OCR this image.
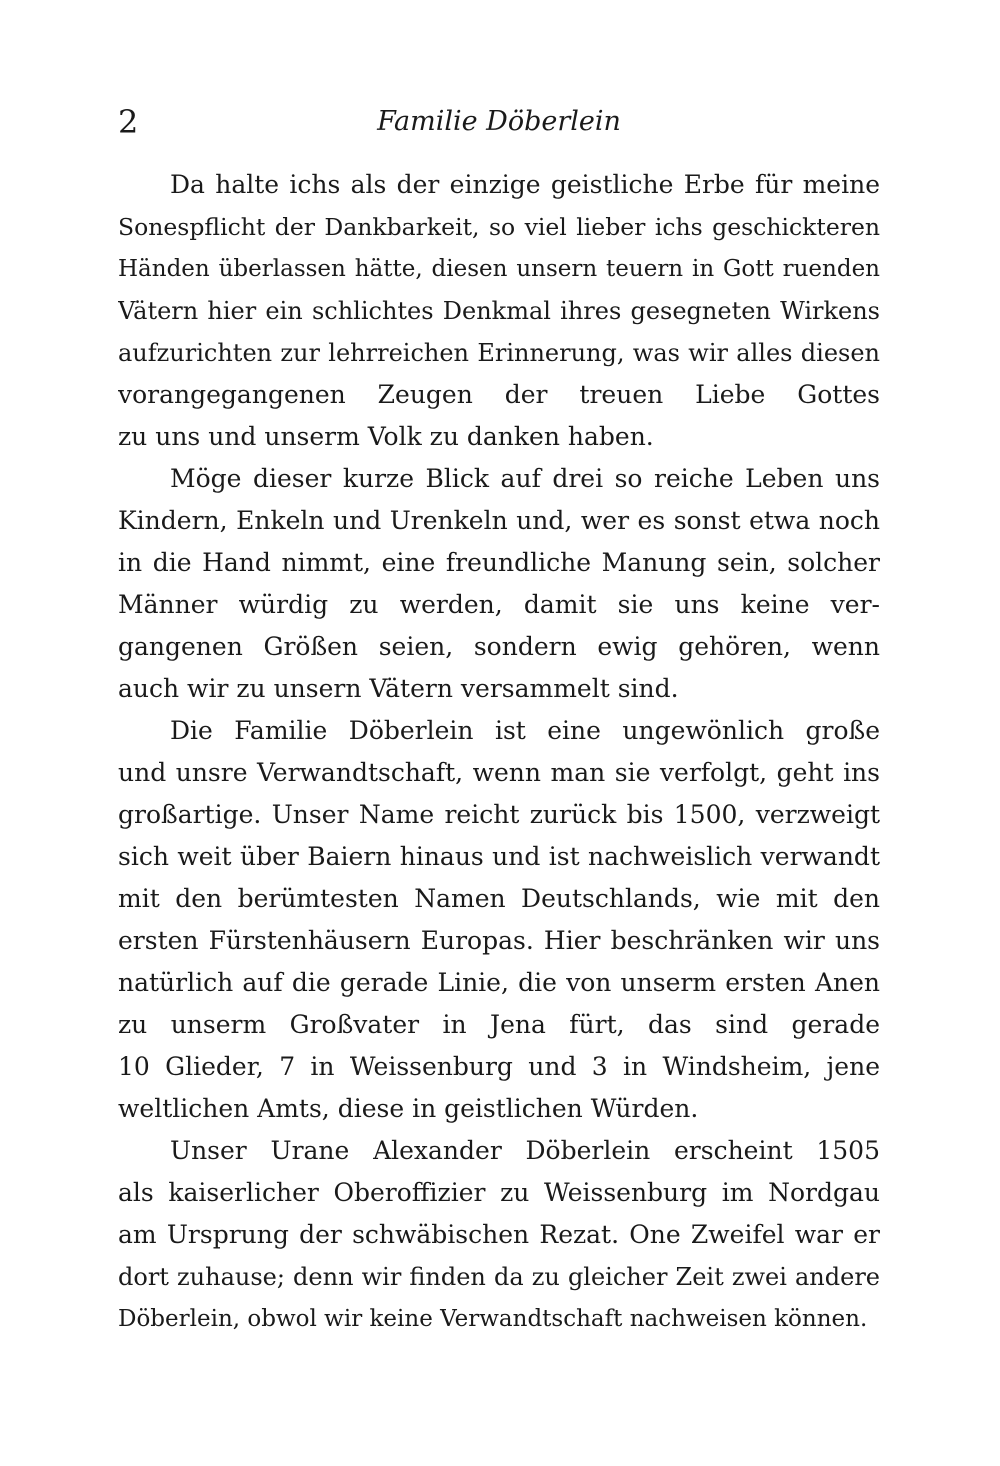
2	Familie Döberlein
Da halte ichs als der einzige geistliche Erbe für meine
Sonespflicht der Dankbarkeit, so viel lieber ichs geschickteren
Händen überlassen hätte, diesen unsern teuern in Gott ruenden
Vätern hier ein schlichtes Denkmal ihres gesegneten Wirkens
aufzurichten zur lehrreichen Erinnerung, was wir alles diesen
vorangegangenen Zeugen der treuen Liebe Gottes
zu uns und unserm Volk zu danken haben.
Möge dieser kurze Blick auf drei so reiche Leben uns
Kindern, Enkeln und Urenkeln und, wer es sonst etwa noch
in die Hand nimmt, eine freundliche Manung sein, solcher
Männer würdig zu werden, damit sie uns keine ver-
gangenen Größen seien, sondern ewig gehören, wenn
auch wir zu unsern Vätern versammelt sind.
Die Familie Döberlein ist eine ungewönlich große
und unsre Verwandtschaft, wenn man sie verfolgt, geht ins
großartige. Unser Name reicht zurück bis 1500, verzweigt
sich weit über Baiern hinaus und ist nachweislich verwandt
mit den berümtesten Namen Deutschlands, wie mit den
ersten Fürstenhäusern Europas. Hier beschränken wir uns
natürlich auf die gerade Linie, die von unserm ersten Anen
zu unserm Großvater in Jena fürt, das sind gerade
10 Glieder, 7 in Weissenburg und 3 in Windsheim, jene
weltlichen Amts, diese in geistlichen Würden.
Unser Urane Alexander Döberlein erscheint 1505
als kaiserlicher Oberoffizier zu Weissenburg im Nordgau
am Ursprung der schwäbischen Rezat. One Zweifel war er
dort zuhause; denn wir finden da zu gleicher Zeit zwei andere
Döberlein, obwol wir keine Verwandtschaft nachweisen können.
